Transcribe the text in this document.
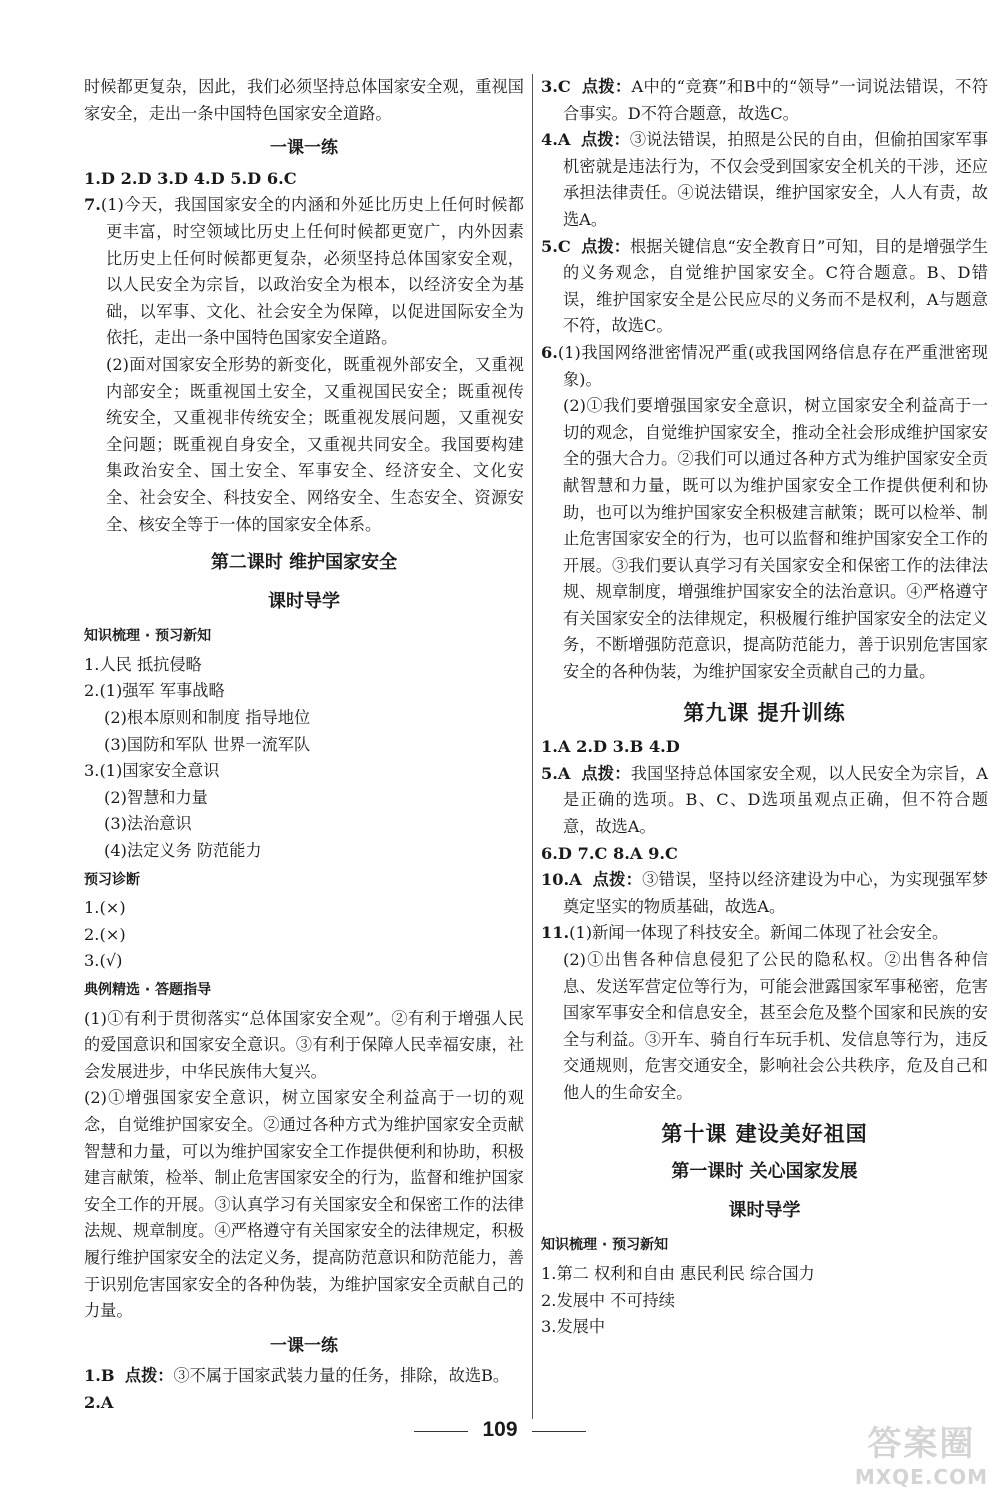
时候都更复杂，因此，我们必须坚持总体国家安全观，重视国家安全，走出一条中国特色国家安全道路。

一课一练

1.D 2.D 3.D 4.D 5.D 6.C

7.(1)今天，我国国家安全的内涵和外延比历史上任何时候都更丰富，时空领域比历史上任何时候都更宽广，内外因素比历史上任何时候都更复杂，必须坚持总体国家安全观，以人民安全为宗旨，以政治安全为根本，以经济安全为基础，以军事、文化、社会安全为保障，以促进国际安全为依托，走出一条中国特色国家安全道路。

(2)面对国家安全形势的新变化，既重视外部安全，又重视内部安全；既重视国土安全，又重视国民安全；既重视传统安全，又重视非传统安全；既重视发展问题，又重视安全问题；既重视自身安全，又重视共同安全。我国要构建集政治安全、国土安全、军事安全、经济安全、文化安全、社会安全、科技安全、网络安全、生态安全、资源安全、核安全等于一体的国家安全体系。

第二课时 维护国家安全
课时导学
知识梳理 · 预习新知

1.人民 抵抗侵略

2.(1)强军 军事战略

(2)根本原则和制度 指导地位

(3)国防和军队 世界一流军队

3.(1)国家安全意识

(2)智慧和力量

(3)法治意识

(4)法定义务 防范能力

预习诊断

1.(×)

2.(×)

3.(√)

典例精选 · 答题指导

(1)①有利于贯彻落实“总体国家安全观”。②有利于增强人民的爱国意识和国家安全意识。③有利于保障人民幸福安康，社会发展进步，中华民族伟大复兴。

(2)①增强国家安全意识，树立国家安全利益高于一切的观念，自觉维护国家安全。②通过各种方式为维护国家安全贡献智慧和力量，可以为维护国家安全工作提供便利和协助，积极建言献策，检举、制止危害国家安全的行为，监督和维护国家安全工作的开展。③认真学习有关国家安全和保密工作的法律法规、规章制度。④严格遵守有关国家安全的法律规定，积极履行维护国家安全的法定义务，提高防范意识和防范能力，善于识别危害国家安全的各种伪装，为维护国家安全贡献自己的力量。

一课一练

1.B 点拨：③不属于国家武装力量的任务，排除，故选B。

2.A

3.C 点拨：A中的“竞赛”和B中的“领导”一词说法错误，不符合事实。D不符合题意，故选C。

4.A 点拨：③说法错误，拍照是公民的自由，但偷拍国家军事机密就是违法行为，不仅会受到国家安全机关的干涉，还应承担法律责任。④说法错误，维护国家安全，人人有责，故选A。

5.C 点拨：根据关键信息“安全教育日”可知，目的是增强学生的义务观念，自觉维护国家安全。C符合题意。B、D错误，维护国家安全是公民应尽的义务而不是权利，A与题意不符，故选C。

6.(1)我国网络泄密情况严重(或我国网络信息存在严重泄密现象)。

(2)①我们要增强国家安全意识，树立国家安全利益高于一切的观念，自觉维护国家安全，推动全社会形成维护国家安全的强大合力。②我们可以通过各种方式为维护国家安全贡献智慧和力量，既可以为维护国家安全工作提供便利和协助，也可以为维护国家安全积极建言献策；既可以检举、制止危害国家安全的行为，也可以监督和维护国家安全工作的开展。③我们要认真学习有关国家安全和保密工作的法律法规、规章制度，增强维护国家安全的法治意识。④严格遵守有关国家安全的法律规定，积极履行维护国家安全的法定义务，不断增强防范意识，提高防范能力，善于识别危害国家安全的各种伪装，为维护国家安全贡献自己的力量。

第九课 提升训练

1.A 2.D 3.B 4.D

5.A 点拨：我国坚持总体国家安全观，以人民安全为宗旨，A是正确的选项。B、C、D选项虽观点正确，但不符合题意，故选A。

6.D 7.C 8.A 9.C

10.A 点拨：③错误，坚持以经济建设为中心，为实现强军梦奠定坚实的物质基础，故选A。

11.(1)新闻一体现了科技安全。新闻二体现了社会安全。

(2)①出售各种信息侵犯了公民的隐私权。②出售各种信息、发送军营定位等行为，可能会泄露国家军事秘密，危害国家军事安全和信息安全，甚至会危及整个国家和民族的安全与利益。③开车、骑自行车玩手机、发信息等行为，违反交通规则，危害交通安全，影响社会公共秩序，危及自己和他人的生命安全。

第十课 建设美好祖国
第一课时 关心国家发展
课时导学
知识梳理 · 预习新知

1.第二 权利和自由 惠民利民 综合国力

2.发展中 不可持续

3.发展中

109	答案圈
MXQE.COM
